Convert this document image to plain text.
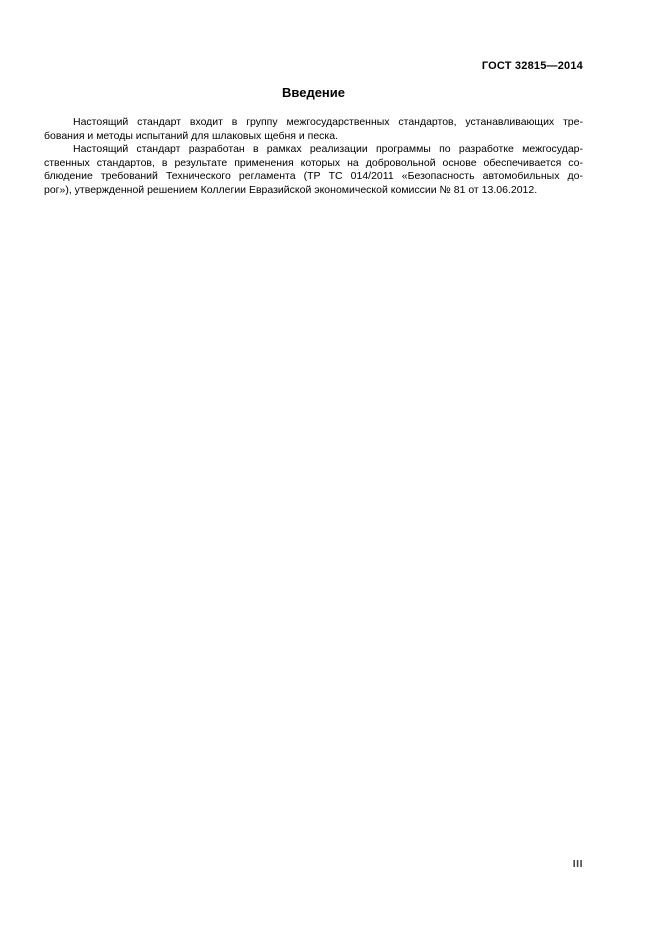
ГОСТ 32815—2014
Введение

Настоящий стандарт входит в группу межгосударственных стандартов, устанавливающих тре-
бования и методы испытаний для шлаковых щебня и песка.

Настоящий стандарт разработан в рамках реализации программы по разработке межгосудар-
ственных стандартов, в результате применения которых на добровольной основе обеспечивается со-
блюдение требований Технического регламента (ТР ТС 014/2011 «Безопасность автомобильных до-
рог»), утвержденной решением Коллегии Евразийской экономической комиссии № 81 от 13.06.2012.

III
